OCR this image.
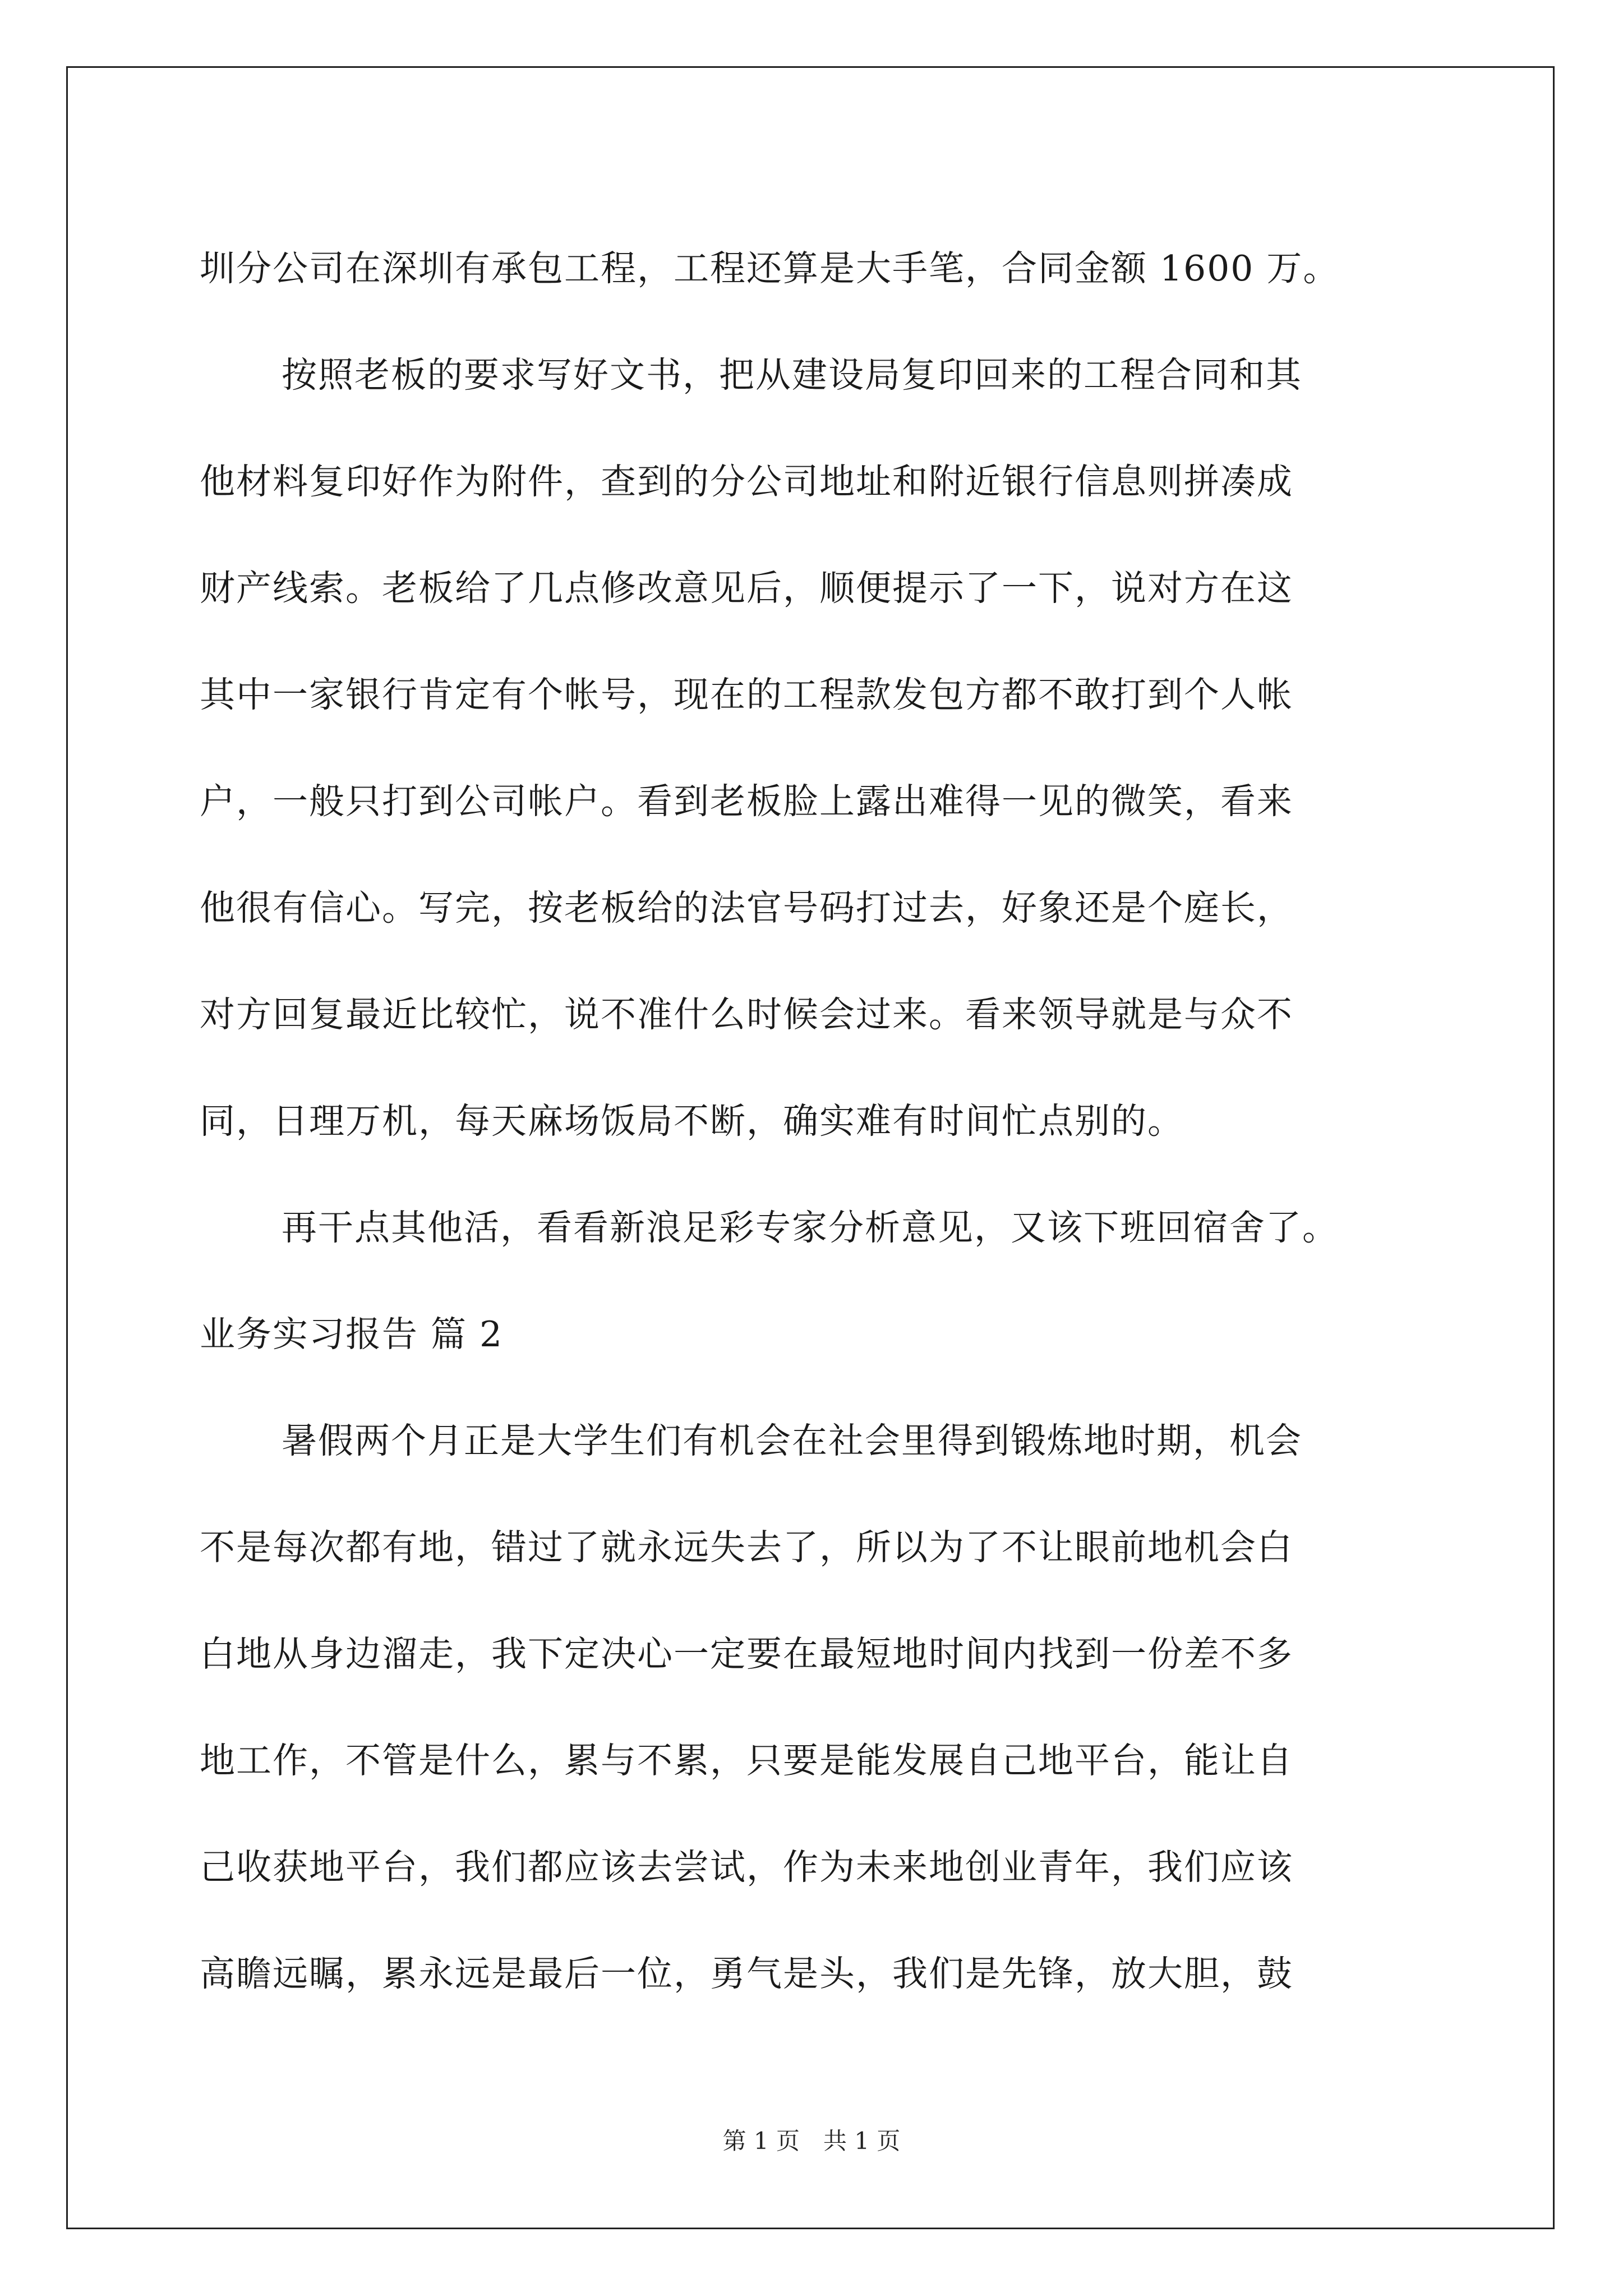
圳分公司在深圳有承包工程，工程还算是大手笔，合同金额 1600 万。
按照老板的要求写好文书，把从建设局复印回来的工程合同和其
他材料复印好作为附件，查到的分公司地址和附近银行信息则拼凑成
财产线索。老板给了几点修改意见后，顺便提示了一下，说对方在这
其中一家银行肯定有个帐号，现在的工程款发包方都不敢打到个人帐
户，一般只打到公司帐户。看到老板脸上露出难得一见的微笑，看来
他很有信心。写完，按老板给的法官号码打过去，好象还是个庭长，
对方回复最近比较忙，说不准什么时候会过来。看来领导就是与众不
同，日理万机，每天麻场饭局不断，确实难有时间忙点别的。
再干点其他活，看看新浪足彩专家分析意见，又该下班回宿舍了。
业务实习报告 篇 2
暑假两个月正是大学生们有机会在社会里得到锻炼地时期，机会
不是每次都有地，错过了就永远失去了，所以为了不让眼前地机会白
白地从身边溜走，我下定决心一定要在最短地时间内找到一份差不多
地工作，不管是什么，累与不累，只要是能发展自己地平台，能让自
己收获地平台，我们都应该去尝试，作为未来地创业青年，我们应该
高瞻远瞩，累永远是最后一位，勇气是头，我们是先锋，放大胆，鼓
第 1 页　共 1 页
